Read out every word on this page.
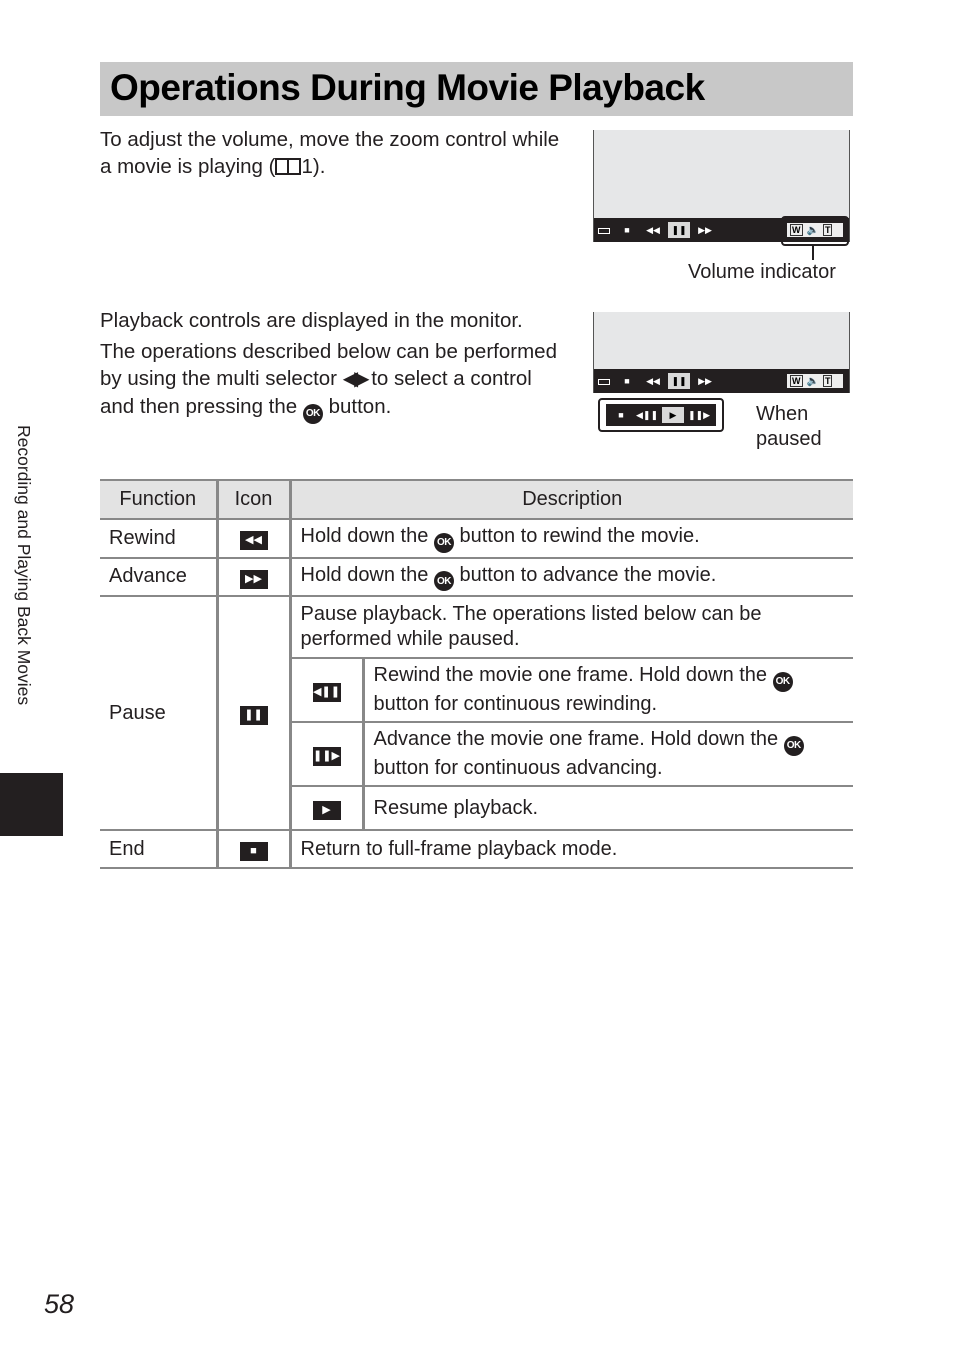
Operations During Movie Playback
To adjust the volume, move the zoom control while a movie is playing ( 1).
■	◀◀	❚❚	▶▶	W 🔈 T
Volume indicator
Playback controls are displayed in the monitor.
The operations described below can be performed by using the multi selector ◀▶ to select a control and then pressing the OK button.
■	◀◀	❚❚	▶▶	W 🔈 T
■	◀❚❚	▶	❚❚▶ When paused
Function	Icon	Description	
Rewind	◀◀	Hold down the OK button to rewind the movie.	
Advance	▶▶	Hold down the OK button to advance the movie.	
Pause	❚❚	Pause playback. The operations listed below can be performed while paused.	
		◀❚❚	Rewind the movie one frame. Hold down the OK button for continuous rewinding.
		❚❚▶	Advance the movie one frame. Hold down the OK button for continuous advancing.
		▶	Resume playback.
End	■	Return to full-frame playback mode.	
Recording and Playing Back Movies
58
